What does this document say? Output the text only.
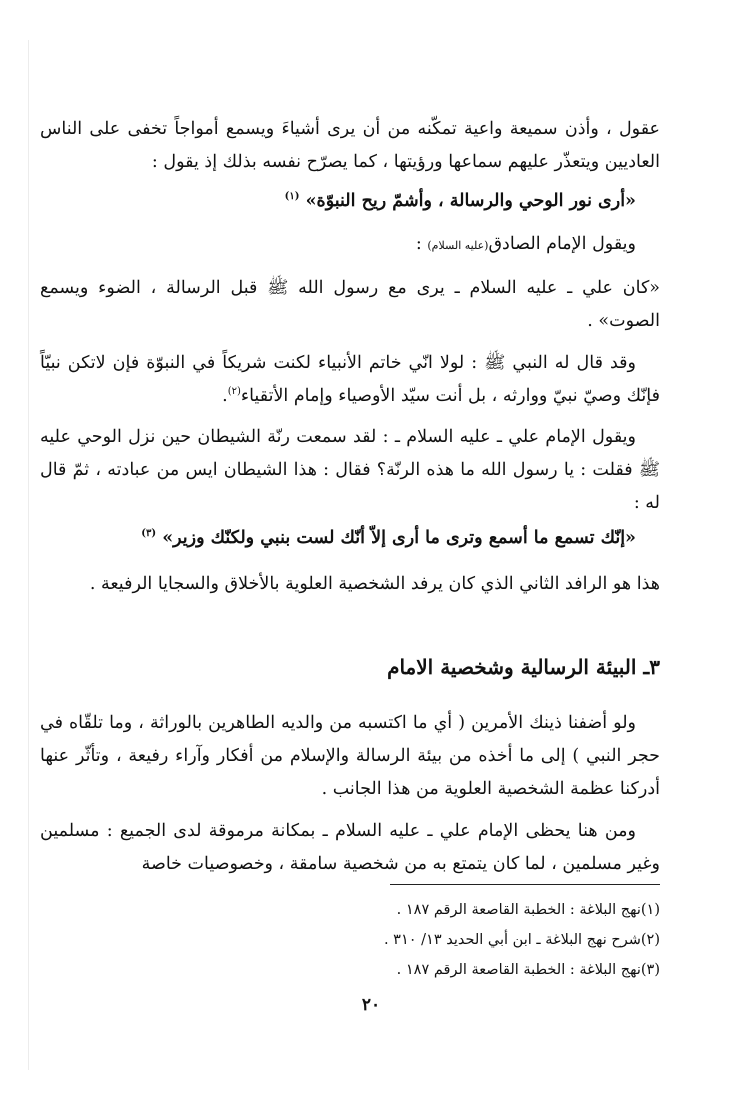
عقول ، وأذن سميعة واعية تمكّنه من أن يرى أشياءَ ويسمع أمواجاً تخفى على الناس العاديين ويتعذّر عليهم سماعها ورؤيتها ، كما يصرّح نفسه بذلك إذ يقول :

«أرى نور الوحي والرسالة ، وأشمّ ريح النبوّة» $^{(١)}$

ويقول الإمام الصادق(عليه السلام) :

«كان علي ـ عليه السلام ـ يرى مع رسول الله ﷺ قبل الرسالة ، الضوء ويسمع الصوت» .

وقد قال له النبي ﷺ : لولا انّي خاتم الأنبياء لكنت شريكاً في النبوّة فإن لاتكن نبيّاً فإنّك وصيّ نبيّ ووارثه ، بل أنت سيّد الأوصياء وإمام الأتقياء$^{(٢)}$.

ويقول الإمام علي ـ عليه السلام ـ : لقد سمعت رنّة الشيطان حين نزل الوحي عليه ﷺ فقلت : يا رسول الله ما هذه الرنّة؟ فقال : هذا الشيطان ايس من عبادته ، ثمّ قال له :

«إنّك تسمع ما أسمع وترى ما أرى إلاّ أنّك لست بنبي ولكنّك وزير» $^{(٣)}$

هذا هو الرافد الثاني الذي كان يرفد الشخصية العلوية بالأخلاق والسجايا الرفيعة .

٣ـ البيئة الرسالية وشخصية الامام

ولو أضفنا ذينك الأمرين ( أي ما اكتسبه من والديه الطاهرين بالوراثة ، وما تلقّاه في حجر النبي ) إلى ما أخذه من بيئة الرسالة والإسلام من أفكار وآراء رفيعة ، وتأثّر عنها أدركنا عظمة الشخصية العلوية من هذا الجانب .

ومن هنا يحظى الإمام علي ـ عليه السلام ـ بمكانة مرموقة لدى الجميع : مسلمين وغير مسلمين ، لما كان يتمتع به من شخصية سامقة ، وخصوصيات خاصة

(١)نهج البلاغة : الخطبة القاصعة الرقم ١٨٧ .

(٢)شرح نهج البلاغة ـ ابن أبي الحديد ١٣/ ٣١٠ .

(٣)نهج البلاغة : الخطبة القاصعة الرقم ١٨٧ .

٢٠
